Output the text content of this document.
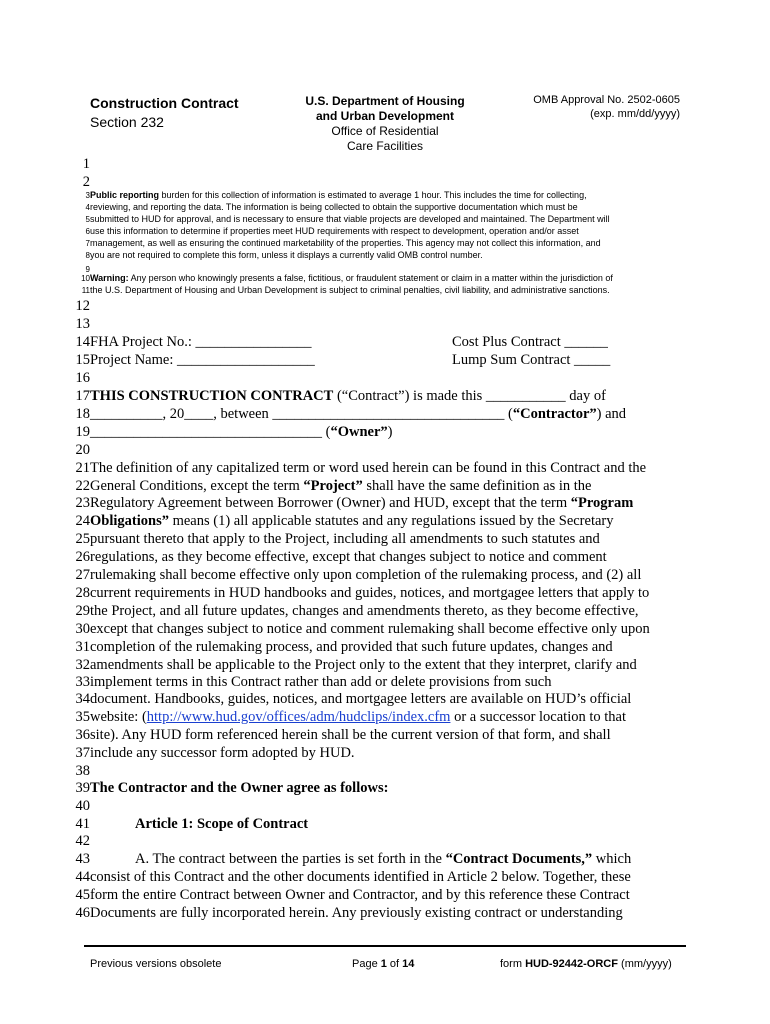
Construction Contract
Section 232
U.S. Department of Housing
and Urban Development
Office of Residential
Care Facilities
OMB Approval No. 2502-0605
(exp. mm/dd/yyyy)
1
2
3Public reporting burden for this collection of information is estimated to average 1 hour. This includes the time for collecting,
4reviewing, and reporting the data. The information is being collected to obtain the supportive documentation which must be
5submitted to HUD for approval, and is necessary to ensure that viable projects are developed and maintained. The Department will
6use this information to determine if properties meet HUD requirements with respect to development, operation and/or asset
7management, as well as ensuring the continued marketability of the properties. This agency may not collect this information, and
8you are not required to complete this form, unless it displays a currently valid OMB control number.
9
10Warning: Any person who knowingly presents a false, fictitious, or fraudulent statement or claim in a matter within the jurisdiction of
11the U.S. Department of Housing and Urban Development is subject to criminal penalties, civil liability, and administrative sanctions.
12
13
14FHA Project No.: ________________	Cost Plus Contract ______
15Project Name: ___________________	Lump Sum Contract _____
16
17THIS CONSTRUCTION CONTRACT (“Contract”) is made this ___________ day of
18__________, 20____, between ________________________________ (“Contractor”) and
19________________________________ (“Owner”)
20
21The definition of any capitalized term or word used herein can be found in this Contract and the
22General Conditions, except the term “Project” shall have the same definition as in the
23Regulatory Agreement between Borrower (Owner) and HUD, except that the term “Program
24Obligations” means (1) all applicable statutes and any regulations issued by the Secretary
25pursuant thereto that apply to the Project, including all amendments to such statutes and
26regulations, as they become effective, except that changes subject to notice and comment
27rulemaking shall become effective only upon completion of the rulemaking process, and (2) all
28current requirements in HUD handbooks and guides, notices, and mortgagee letters that apply to
29the Project, and all future updates, changes and amendments thereto, as they become effective,
30except that changes subject to notice and comment rulemaking shall become effective only upon
31completion of the rulemaking process, and provided that such future updates, changes and
32amendments shall be applicable to the Project only to the extent that they interpret, clarify and
33implement terms in this Contract rather than add or delete provisions from such
34document. Handbooks, guides, notices, and mortgagee letters are available on HUD’s official
35website: (http://www.hud.gov/offices/adm/hudclips/index.cfm or a successor location to that
36site). Any HUD form referenced herein shall be the current version of that form, and shall
37include any successor form adopted by HUD.
38
39The Contractor and the Owner agree as follows:
40
41	Article 1: Scope of Contract
42
43	A. The contract between the parties is set forth in the “Contract Documents,” which
44consist of this Contract and the other documents identified in Article 2 below. Together, these
45form the entire Contract between Owner and Contractor, and by this reference these Contract
46Documents are fully incorporated herein. Any previously existing contract or understanding
Previous versions obsolete	Page 1 of 14	form HUD-92442-ORCF (mm/yyyy)
